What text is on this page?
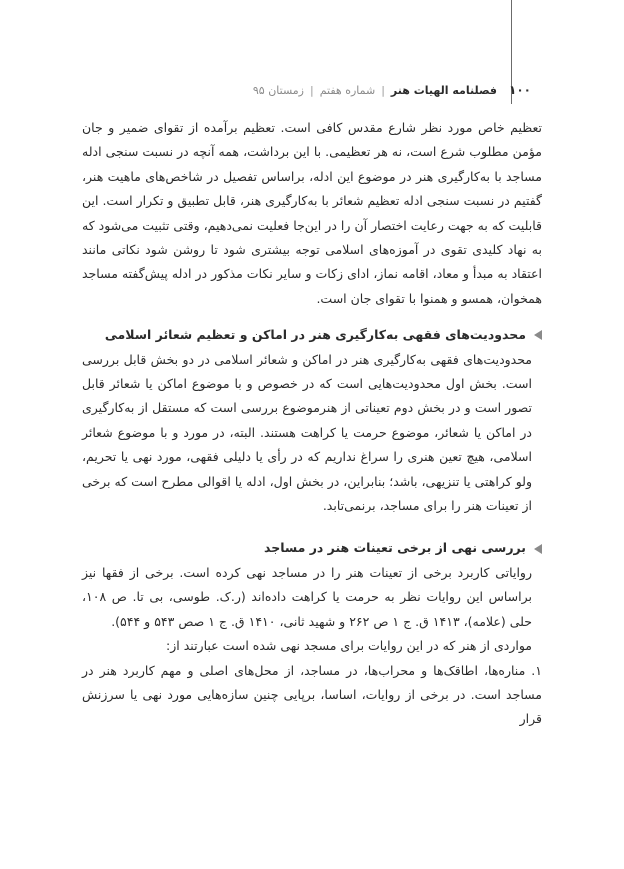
۱۰۰
فصلنامه الهیات هنر
|
شماره هفتم
|
زمستان ۹۵

تعظیم خاص مورد نظر شارع مقدس کافی است. تعظیم برآمده از تقوای ضمیر و جان مؤمن مطلوب شرع است، نه هر تعظیمی. با این برداشت، همه آنچه در نسبت سنجی ادله مساجد با به‌کارگیری هنر در موضوع این ادله، براساس تفصیل در شاخص‌های ماهیت هنر، گفتیم در نسبت سنجی ادله تعظیم شعائر با به‌کارگیری هنر، قابل تطبیق و تکرار است. این قابلیت که به جهت رعایت اختصار آن را در این‌جا فعلیت نمی‌دهیم، وقتی تثبیت می‌شود که به نهاد کلیدی تقوی در آموزه‌های اسلامی توجه بیشتری شود تا روشن شود نکاتی مانند اعتقاد به مبدأ و معاد، اقامه نماز، ادای زکات و سایر نکات مذکور در ادله پیش‌گفته مساجد همخوان، همسو و همنوا با تقوای جان است.

محدودیت‌های فقهی به‌کارگیری هنر در اماکن و تعظیم شعائر اسلامی

محدودیت‌های فقهی به‌کارگیری هنر در اماکن و شعائر اسلامی در دو بخش قابل بررسی است. بخش اول محدودیت‌هایی است که در خصوص و با موضوع اماکن یا شعائر قابل تصور است و در بخش دوم تعیناتی از هنرموضوع بررسی است که مستقل از به‌کارگیری در اماکن یا شعائر، موضوع حرمت یا کراهت هستند. البته، در مورد و با موضوع شعائر اسلامی، هیچ تعین هنری را سراغ نداریم که در رأی یا دلیلی فقهی، مورد نهی یا تحریم، ولو کراهتی یا تنزیهی، باشد؛ بنابراین، در بخش اول، ادله یا اقوالی مطرح است که برخی از تعینات هنر را برای مساجد، برنمی‌تابد.

بررسی نهی از برخی تعینات هنر در مساجد

روایاتی کاربرد برخی از تعینات هنر را در مساجد نهی کرده است. برخی از فقها نیز براساس این روایات نظر به حرمت یا کراهت داده‌اند (ر.ک. طوسی، بی تا. ص ۱۰۸، حلی (علامه)، ۱۴۱۳ ق. ج ۱ ص ۲۶۲ و شهید ثانی، ۱۴۱۰ ق. ج ۱ صص ۵۴۳ و ۵۴۴).

مواردی از هنر که در این روایات برای مسجد نهی شده است عبارتند از:

۱. مناره‌ها، اطاقک‌ها و محراب‌ها، در مساجد، از محل‌های اصلی و مهم کاربرد هنر در مساجد است. در برخی از روایات، اساسا، برپایی چنین سازه‌هایی مورد نهی یا سرزنش قرار
